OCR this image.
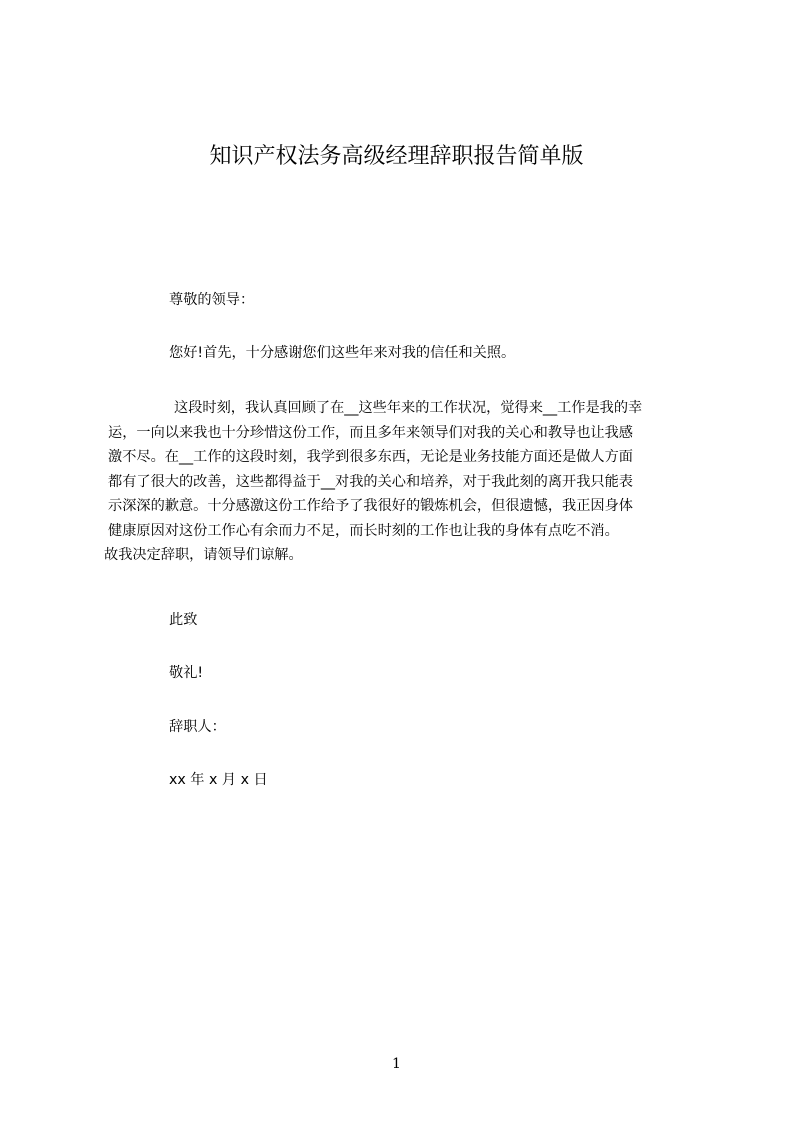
知识产权法务高级经理辞职报告简单版
尊敬的领导：
您好!首先，十分感谢您们这些年来对我的信任和关照。
这段时刻，我认真回顾了在__这些年来的工作状况，觉得来__工作是我的幸
运，一向以来我也十分珍惜这份工作，而且多年来领导们对我的关心和教导也让我感
激不尽。在__工作的这段时刻，我学到很多东西，无论是业务技能方面还是做人方面
都有了很大的改善，这些都得益于__对我的关心和培养，对于我此刻的离开我只能表
示深深的歉意。十分感激这份工作给予了我很好的锻炼机会，但很遗憾，我正因身体
健康原因对这份工作心有余而力不足，而长时刻的工作也让我的身体有点吃不消。
故我决定辞职，请领导们谅解。
此致
敬礼!
辞职人：
xx 年 x 月 x 日
1
